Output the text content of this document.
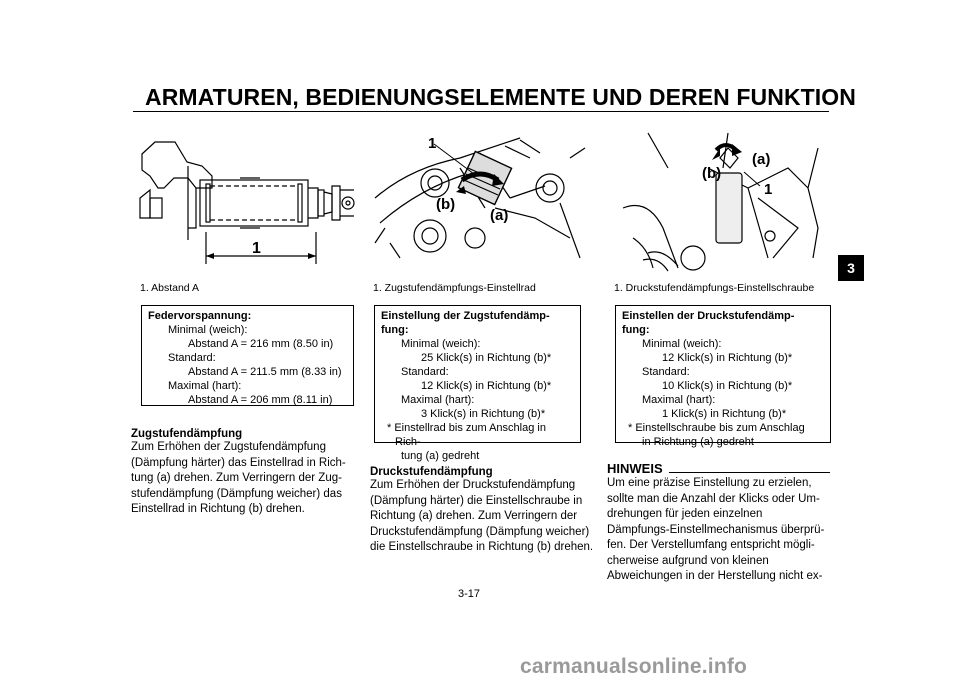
ARMATUREN, BEDIENUNGSELEMENTE UND DEREN FUNKTION
3
1
1
(b)
(a)
(b)
(a)
1
1. Abstand A	1. Zugstufendämpfungs-Einstellrad	1. Druckstufendämpfungs-Einstellschraube
Federvorspannung:
Minimal (weich):
Abstand A = 216 mm (8.50 in)
Standard:
Abstand A = 211.5 mm (8.33 in)
Maximal (hart):
Abstand A = 206 mm (8.11 in)
Einstellung der Zugstufendämp-
fung:
Minimal (weich):
25 Klick(s) in Richtung (b)*
Standard:
12 Klick(s) in Richtung (b)*
Maximal (hart):
3 Klick(s) in Richtung (b)*
* Einstellrad bis zum Anschlag in Rich-
tung (a) gedreht
Einstellen der Druckstufendämp-
fung:
Minimal (weich):
12 Klick(s) in Richtung (b)*
Standard:
10 Klick(s) in Richtung (b)*
Maximal (hart):
1 Klick(s) in Richtung (b)*
* Einstellschraube bis zum Anschlag
in Richtung (a) gedreht
Zugstufendämpfung
Zum Erhöhen der Zugstufendämpfung
(Dämpfung härter) das Einstellrad in Rich-
tung (a) drehen. Zum Verringern der Zug-
stufendämpfung (Dämpfung weicher) das
Einstellrad in Richtung (b) drehen.
Druckstufendämpfung
Zum Erhöhen der Druckstufendämpfung
(Dämpfung härter) die Einstellschraube in
Richtung (a) drehen. Zum Verringern der
Druckstufendämpfung (Dämpfung weicher)
die Einstellschraube in Richtung (b) drehen.
HINWEIS
Um eine präzise Einstellung zu erzielen,
sollte man die Anzahl der Klicks oder Um-
drehungen für jeden einzelnen
Dämpfungs-Einstellmechanismus überprü-
fen. Der Verstellumfang entspricht mögli-
cherweise aufgrund von kleinen
Abweichungen in der Herstellung nicht ex-
3-17
carmanualsonline.info
